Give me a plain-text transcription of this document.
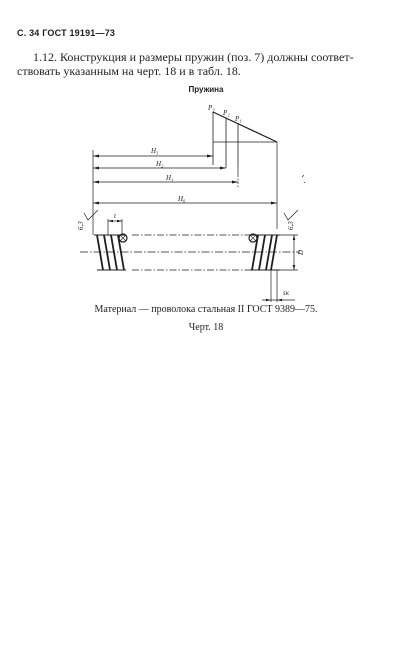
С. 34 ГОСТ 19191—73
1.12. Конструкция и размеры пружин (поз. 7) должны соответ-
ствовать указанным на черт. 18 и в табл. 18.
Пружина
P₃
P₂
P₁
H₃
H₂
H₁
H₀
t
sк
D
6,3	6,3
Материал — проволока стальная II ГОСТ 9389—75.
Черт. 18
